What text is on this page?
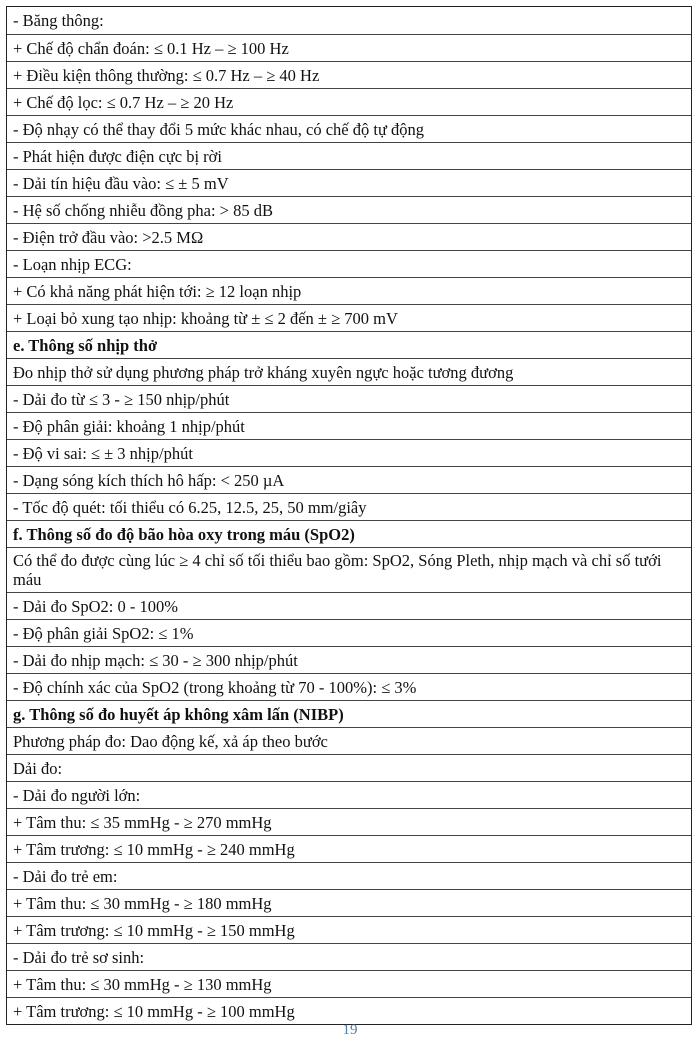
- Băng thông:
+ Chế độ chẩn đoán: ≤ 0.1 Hz – ≥ 100 Hz
+ Điều kiện thông thường: ≤ 0.7 Hz – ≥ 40 Hz
+ Chế độ lọc: ≤ 0.7 Hz – ≥ 20 Hz
- Độ nhạy có thể thay đổi 5 mức khác nhau, có chế độ tự động
- Phát hiện được điện cực bị rời
- Dải tín hiệu đầu vào: ≤ ± 5 mV
- Hệ số chống nhiễu đồng pha: > 85 dB
- Điện trở đầu vào: >2.5 MΩ
- Loạn nhịp ECG:
+ Có khả năng phát hiện tới: ≥ 12 loạn nhịp
+ Loại bỏ xung tạo nhịp: khoảng từ ± ≤ 2 đến ± ≥ 700 mV
e. Thông số nhịp thở
Đo nhịp thở sử dụng phương pháp trở kháng xuyên ngực hoặc tương đương
- Dải đo từ ≤ 3 - ≥ 150 nhịp/phút
- Độ phân giải: khoảng 1 nhịp/phút
- Độ vi sai: ≤ ± 3 nhịp/phút
- Dạng sóng kích thích hô hấp: < 250 µA
- Tốc độ quét: tối thiểu có 6.25, 12.5, 25, 50 mm/giây
f. Thông số đo độ bão hòa oxy trong máu (SpO2)
Có thể đo được cùng lúc ≥ 4 chỉ số tối thiểu bao gồm: SpO2, Sóng Pleth, nhịp mạch và chỉ số tưới máu
- Dải đo SpO2: 0 - 100%
- Độ phân giải SpO2: ≤ 1%
- Dải đo nhịp mạch: ≤ 30 - ≥ 300 nhịp/phút
- Độ chính xác của SpO2 (trong khoảng từ 70 - 100%): ≤ 3%
g. Thông số đo huyết áp không xâm lấn (NIBP)
Phương pháp đo: Dao động kế, xả áp theo bước
Dải đo:
- Dải đo người lớn:
+ Tâm thu: ≤ 35 mmHg - ≥ 270 mmHg
+ Tâm trương: ≤ 10 mmHg - ≥ 240 mmHg
- Dải đo trẻ em:
+ Tâm thu: ≤ 30 mmHg - ≥ 180 mmHg
+ Tâm trương: ≤ 10 mmHg - ≥ 150 mmHg
- Dải đo trẻ sơ sinh:
+ Tâm thu: ≤ 30 mmHg - ≥ 130 mmHg
+ Tâm trương: ≤ 10 mmHg - ≥ 100 mmHg
19
